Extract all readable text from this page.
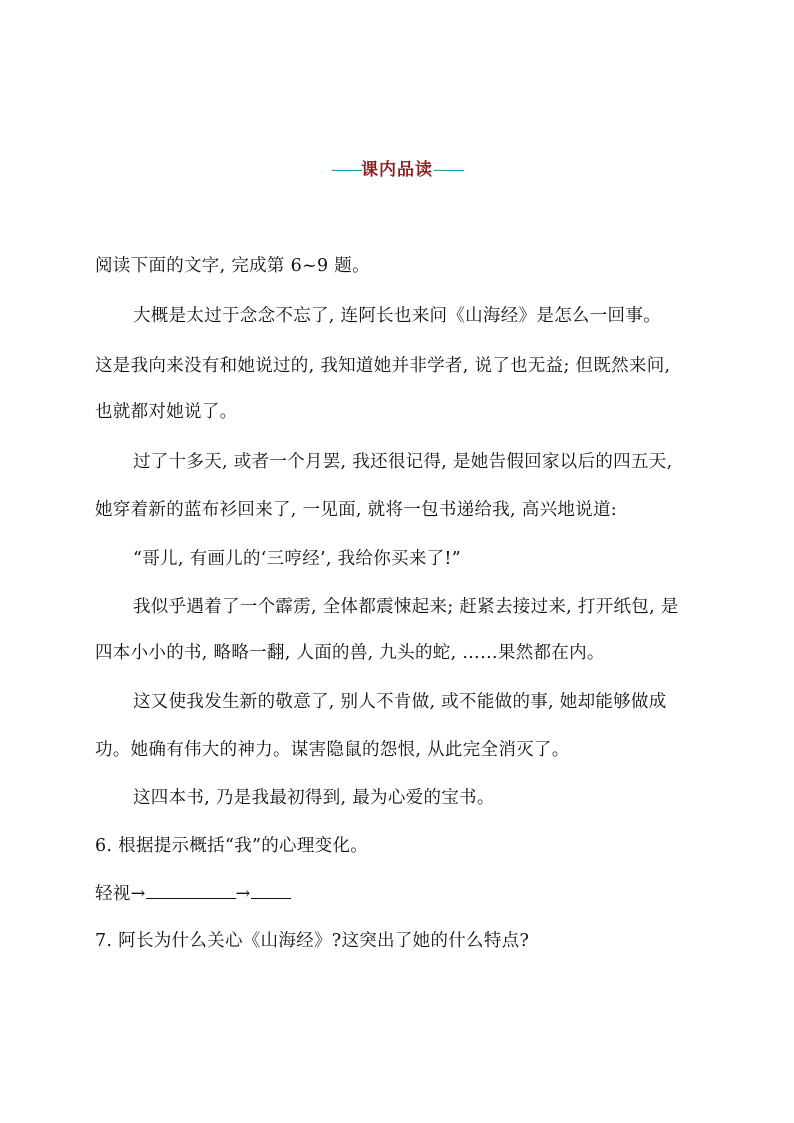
——课内品读——
阅读下面的文字, 完成第 6~9 题。
大概是太过于念念不忘了, 连阿长也来问《山海经》是怎么一回事。
这是我向来没有和她说过的, 我知道她并非学者, 说了也无益; 但既然来问,
也就都对她说了。
过了十多天, 或者一个月罢, 我还很记得, 是她告假回家以后的四五天,
她穿着新的蓝布衫回来了, 一见面, 就将一包书递给我, 高兴地说道:
“哥儿, 有画儿的‘三哼经’, 我给你买来了!”
我似乎遇着了一个霹雳, 全体都震悚起来; 赶紧去接过来, 打开纸包, 是
四本小小的书, 略略一翻, 人面的兽, 九头的蛇, ……果然都在内。
这又使我发生新的敬意了, 别人不肯做, 或不能做的事, 她却能够做成
功。她确有伟大的神力。谋害隐鼠的怨恨, 从此完全消灭了。
这四本书, 乃是我最初得到, 最为心爱的宝书。
6. 根据提示概括“我”的心理变化。
轻视→	→
7. 阿长为什么关心《山海经》?这突出了她的什么特点?
